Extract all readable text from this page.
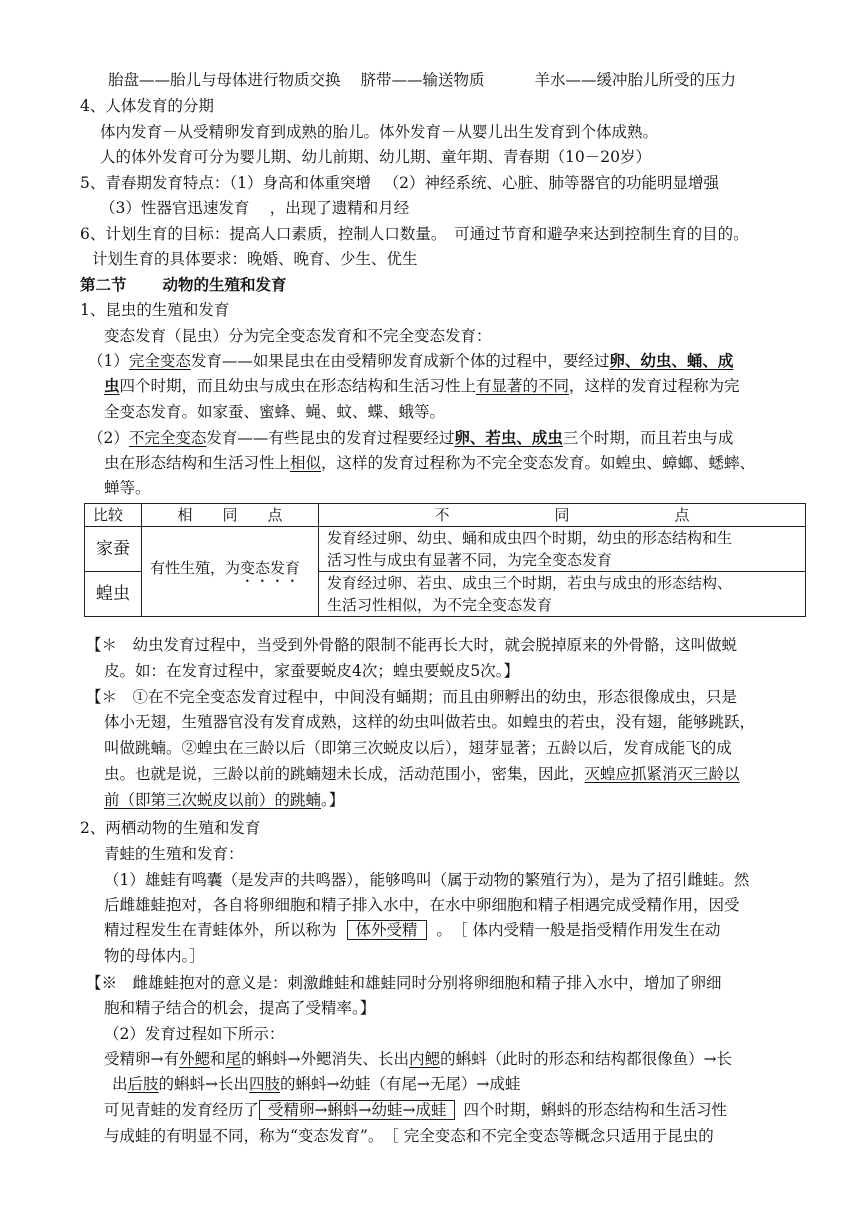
胎盘——胎儿与母体进行物质交换 脐带——输送物质	羊水——缓冲胎儿所受的压力
4、人体发育的分期
体内发育－从受精卵发育到成熟的胎儿。体外发育－从婴儿出生发育到个体成熟。
人的体外发育可分为婴儿期、幼儿前期、幼儿期、童年期、青春期（10－20岁）
5、青春期发育特点：（1）身高和体重突增 　（2）神经系统、心脏、肺等器官的功能明显增强
（3）性器官迅速发育 　，出现了遗精和月经
6、计划生育的目标：提高人口素质，控制人口数量。　可通过节育和避孕来达到控制生育的目的。
计划生育的具体要求：晚婚、晚育、少生、优生
第二节 动物的生殖和发育
1、昆虫的生殖和发育
变态发育（昆虫）分为完全变态发育和不完全变态发育：
（1）完全变态发育——如果昆虫在由受精卵发育成新个体的过程中，要经过卵、幼虫、蛹、成
虫四个时期，而且幼虫与成虫在形态结构和生活习性上有显著的不同，这样的发育过程称为完
全变态发育。如家蚕、蜜蜂、蝇、蚊、蝶、蛾等。
（2）不完全变态发育——有些昆虫的发育过程要经过卵、若虫、成虫三个时期，而且若虫与成
虫在形态结构和生活习性上相似，这样的发育过程称为不完全变态发育。如蝗虫、蟑螂、蟋蟀、
蝉等。
比较	相　　同　　点	不　　　　　　　同　　　　　　　点
家蚕	有性生殖，为变态发育	发育经过卵、幼虫、蛹和成虫四个时期，幼虫的形态结构和生
活习性与成虫有显著不同，为完全变态发育

蝗虫		发育经过卵、若虫、成虫三个时期，若虫与成虫的形态结构、
生活习性相似，为不完全变态发育
【＊　幼虫发育过程中，当受到外骨骼的限制不能再长大时，就会脱掉原来的外骨骼，这叫做蜕
皮。如：在发育过程中，家蚕要蜕皮4次；蝗虫要蜕皮5次。】
【＊　①在不完全变态发育过程中，中间没有蛹期；而且由卵孵出的幼虫，形态很像成虫，只是
体小无翅，生殖器官没有发育成熟，这样的幼虫叫做若虫。如蝗虫的若虫，没有翅，能够跳跃，
叫做跳蝻。②蝗虫在三龄以后（即第三次蜕皮以后），翅芽显著；五龄以后，发育成能飞的成
虫。也就是说，三龄以前的跳蝻翅未长成，活动范围小，密集，因此，灭蝗应抓紧消灭三龄以
前（即第三次蜕皮以前）的跳蝻。】
2、两栖动物的生殖和发育
青蛙的生殖和发育：
（1）雄蛙有鸣囊（是发声的共鸣器），能够鸣叫（属于动物的繁殖行为），是为了招引雌蛙。然
后雌雄蛙抱对，各自将卵细胞和精子排入水中，在水中卵细胞和精子相遇完成受精作用，因受
精过程发生在青蛙体外，所以称为 体外受精 。　［ 体内受精一般是指受精作用发生在动
物的母体内。］
【※　雌雄蛙抱对的意义是：刺激雌蛙和雄蛙同时分别将卵细胞和精子排入水中，增加了卵细
胞和精子结合的机会，提高了受精率。】
（2）发育过程如下所示：
受精卵→有外鳃和尾的蝌蚪→外鳃消失、长出内鳃的蝌蚪（此时的形态和结构都很像鱼）→长
出后肢的蝌蚪→长出四肢的蝌蚪→幼蛙（有尾→无尾）→成蛙
可见青蛙的发育经历了 受精卵→蝌蚪→幼蛙→成蛙 四个时期，蝌蚪的形态结构和生活习性
与成蛙的有明显不同，称为“变态发育”。　［ 完全变态和不完全变态等概念只适用于昆虫的
